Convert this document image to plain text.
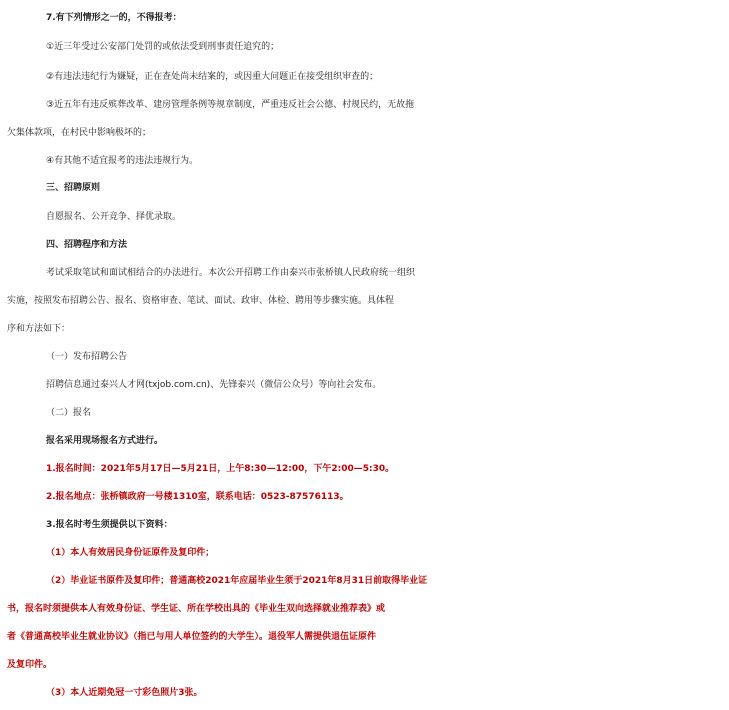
7.有下列情形之一的，不得报考：
①近三年受过公安部门处罚的或依法受到刑事责任追究的；
②有违法违纪行为嫌疑，正在查处尚未结案的，或因重大问题正在接受组织审查的；
③近五年有违反殡葬改革、建房管理条例等规章制度，严重违反社会公德、村规民约，无故拖
欠集体款项，在村民中影响极坏的；
④有其他不适宜报考的违法违规行为。
三、招聘原则
自愿报名、公开竞争、择优录取。
四、招聘程序和方法
考试采取笔试和面试相结合的办法进行。本次公开招聘工作由泰兴市张桥镇人民政府统一组织
实施，按照发布招聘公告、报名、资格审查、笔试、面试、政审、体检、聘用等步骤实施。具体程
序和方法如下：
（一）发布招聘公告
招聘信息通过泰兴人才网(txjob.com.cn)、先锋泰兴（微信公众号）等向社会发布。
（二）报名
报名采用现场报名方式进行。
1.报名时间：2021年5月17日—5月21日，上午8:30—12:00，下午2:00—5:30。
2.报名地点：张桥镇政府一号楼1310室，联系电话：0523-87576113。
3.报名时考生须提供以下资料：
（1）本人有效居民身份证原件及复印件；
（2）毕业证书原件及复印件；普通高校2021年应届毕业生须于2021年8月31日前取得毕业证
书，报名时须提供本人有效身份证、学生证、所在学校出具的《毕业生双向选择就业推荐表》或
者《普通高校毕业生就业协议》（指已与用人单位签约的大学生）。退役军人需提供退伍证原件
及复印件。
（3）本人近期免冠一寸彩色照片3张。
